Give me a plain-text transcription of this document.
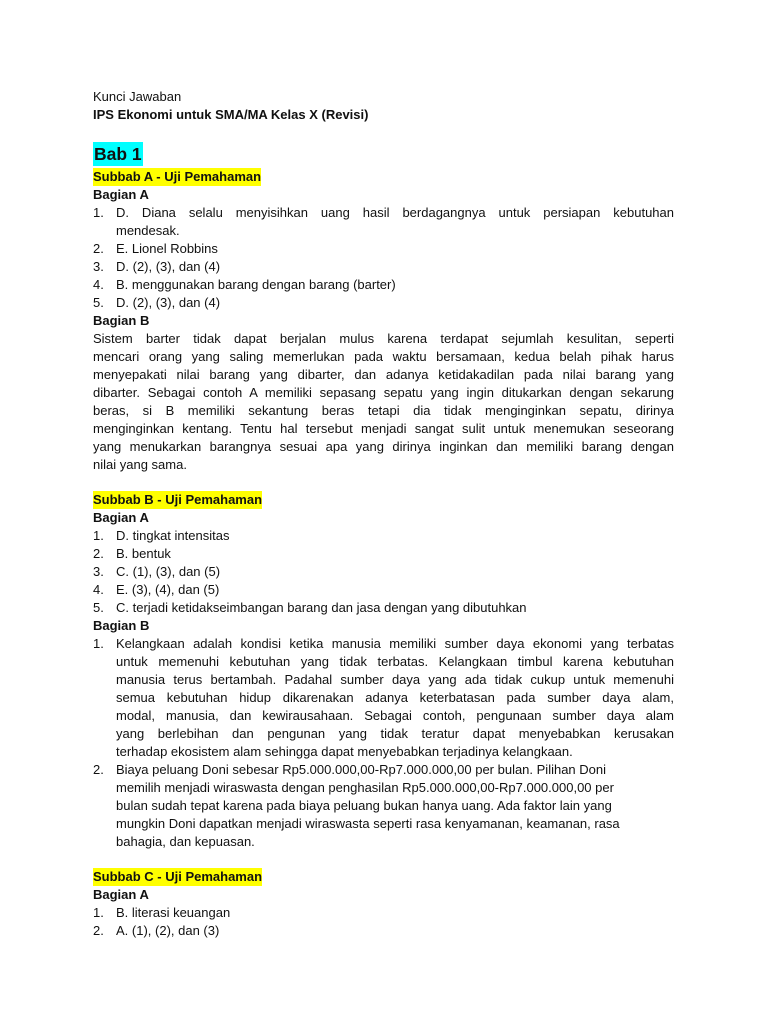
Kunci Jawaban
IPS Ekonomi untuk SMA/MA Kelas X (Revisi)
Bab 1
Subbab A - Uji Pemahaman
Bagian A
1. D. Diana selalu menyisihkan uang hasil berdagangnya untuk persiapan kebutuhan
mendesak.
2. E. Lionel Robbins
3. D. (2), (3), dan (4)
4. B. menggunakan barang dengan barang (barter)
5. D. (2), (3), dan (4)
Bagian B
Sistem barter tidak dapat berjalan mulus karena terdapat sejumlah kesulitan, seperti
mencari orang yang saling memerlukan pada waktu bersamaan, kedua belah pihak harus
menyepakati nilai barang yang dibarter, dan adanya ketidakadilan pada nilai barang yang
dibarter. Sebagai contoh A memiliki sepasang sepatu yang ingin ditukarkan dengan sekarung
beras, si B memiliki sekantung beras tetapi dia tidak menginginkan sepatu, dirinya
menginginkan kentang. Tentu hal tersebut menjadi sangat sulit untuk menemukan seseorang
yang menukarkan barangnya sesuai apa yang dirinya inginkan dan memiliki barang dengan
nilai yang sama.
Subbab B - Uji Pemahaman
Bagian A
1. D. tingkat intensitas
2. B. bentuk
3. C. (1), (3), dan (5)
4. E. (3), (4), dan (5)
5. C. terjadi ketidakseimbangan barang dan jasa dengan yang dibutuhkan
Bagian B
1. Kelangkaan adalah kondisi ketika manusia memiliki sumber daya ekonomi yang terbatas
untuk memenuhi kebutuhan yang tidak terbatas. Kelangkaan timbul karena kebutuhan
manusia terus bertambah. Padahal sumber daya yang ada tidak cukup untuk memenuhi
semua kebutuhan hidup dikarenakan adanya keterbatasan pada sumber daya alam,
modal, manusia, dan kewirausahaan. Sebagai contoh, pengunaan sumber daya alam
yang berlebihan dan pengunan yang tidak teratur dapat menyebabkan kerusakan
terhadap ekosistem alam sehingga dapat menyebabkan terjadinya kelangkaan.
2. Biaya peluang Doni sebesar Rp5.000.000,00-Rp7.000.000,00 per bulan. Pilihan Doni
memilih menjadi wiraswasta dengan penghasilan Rp5.000.000,00-Rp7.000.000,00 per
bulan sudah tepat karena pada biaya peluang bukan hanya uang. Ada faktor lain yang
mungkin Doni dapatkan menjadi wiraswasta seperti rasa kenyamanan, keamanan, rasa
bahagia, dan kepuasan.
Subbab C - Uji Pemahaman
Bagian A
1. B. literasi keuangan
2. A. (1), (2), dan (3)
